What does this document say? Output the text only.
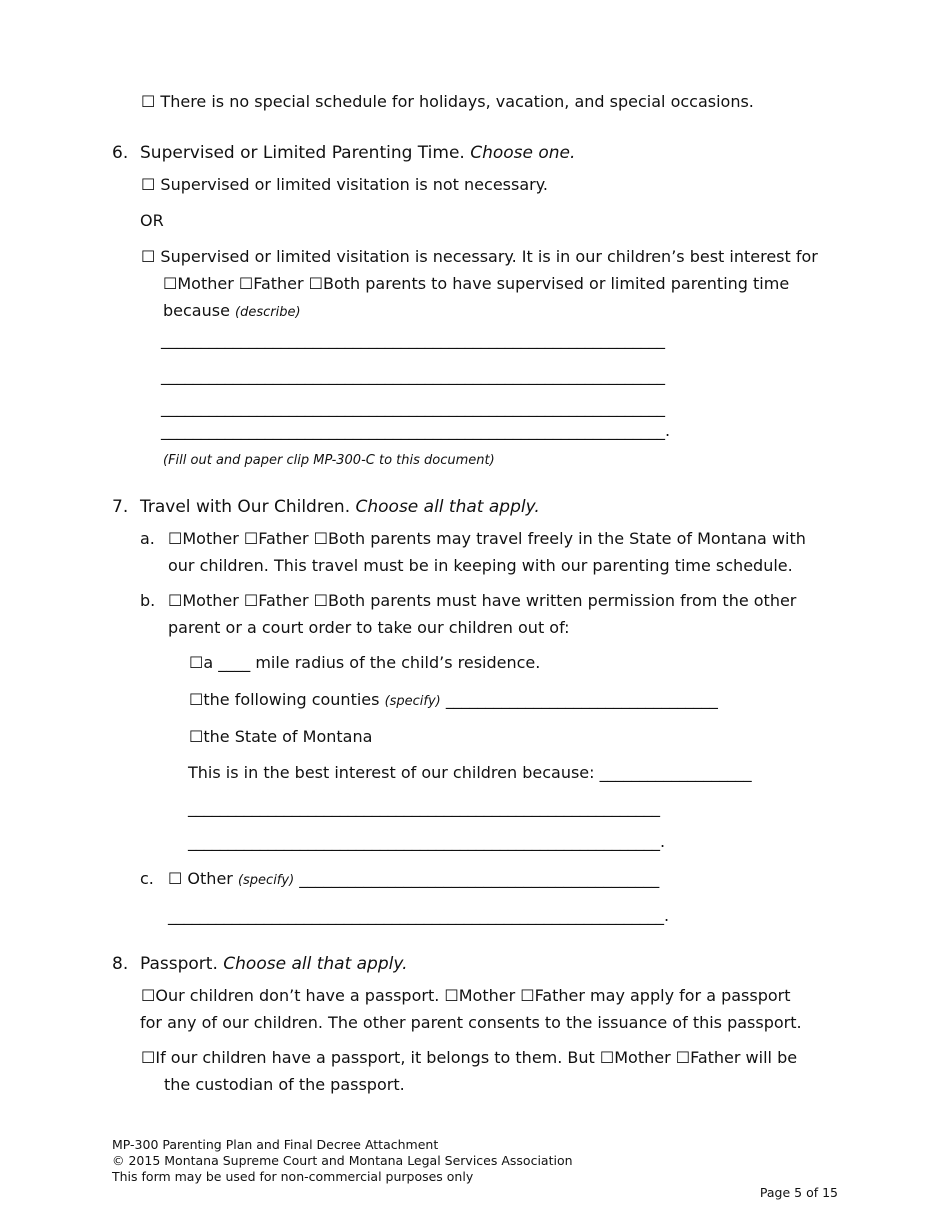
☐ There is no special schedule for holidays, vacation, and special occasions.
6. Supervised or Limited Parenting Time. Choose one.
☐ Supervised or limited visitation is not necessary.
OR
☐ Supervised or limited visitation is necessary. It is in our children’s best interest for
☐Mother ☐Father ☐Both parents to have supervised or limited parenting time
because (describe)
_______________________________________________________________
_______________________________________________________________
_______________________________________________________________
_______________________________________________________________.
(Fill out and paper clip MP-300-C to this document)
7. Travel with Our Children. Choose all that apply.
a. ☐Mother ☐Father ☐Both parents may travel freely in the State of Montana with
our children. This travel must be in keeping with our parenting time schedule.
b. ☐Mother ☐Father ☐Both parents must have written permission from the other
parent or a court order to take our children out of:
☐a ____ mile radius of the child’s residence.
☐the following counties (specify) __________________________________
☐the State of Montana
This is in the best interest of our children because: ___________________
___________________________________________________________
___________________________________________________________.
c. ☐ Other (specify) _____________________________________________
______________________________________________________________.
8. Passport. Choose all that apply.
☐Our children don’t have a passport. ☐Mother ☐Father may apply for a passport
for any of our children. The other parent consents to the issuance of this passport.
☐If our children have a passport, it belongs to them. But ☐Mother ☐Father will be
the custodian of the passport.
MP-300 Parenting Plan and Final Decree Attachment
© 2015 Montana Supreme Court and Montana Legal Services Association
This form may be used for non-commercial purposes only
Page 5 of 15
